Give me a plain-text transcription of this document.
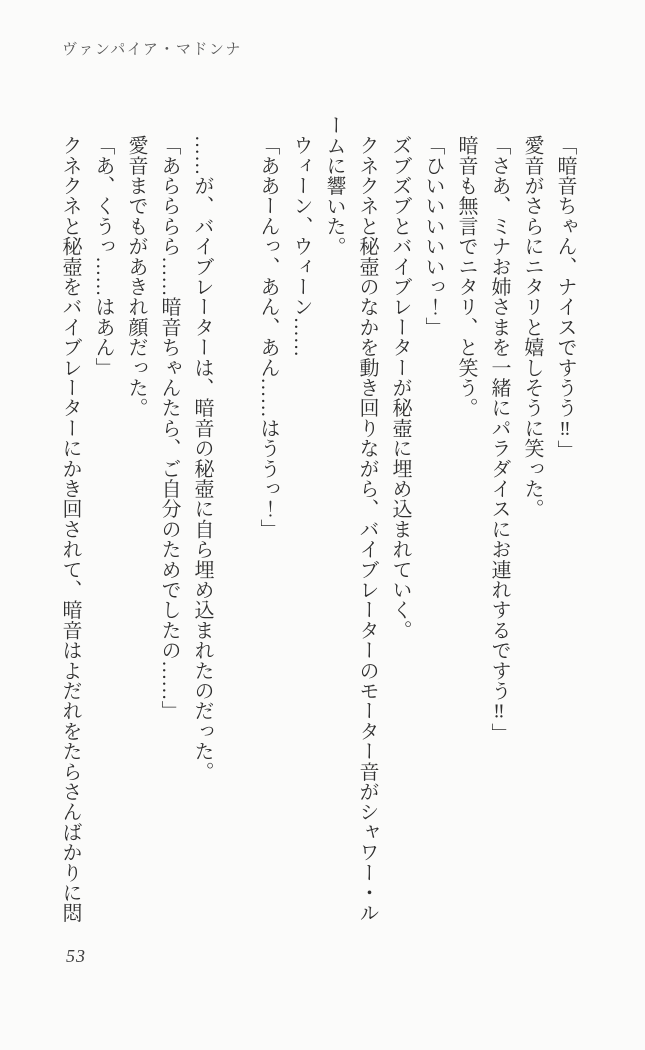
ヴァンパイア・マドンナ
「暗音ちゃん、ナイスですうう‼」
愛音がさらにニタリと嬉しそうに笑った。
「さあ、ミナお姉さまを一緒にパラダイスにお連れするですう‼」
暗音も無言でニタリ、と笑う。
「ひいいいいいっ！」
ズブズブとバイブレーターが秘壺に埋め込まれていく。
クネクネと秘壺のなかを動き回りながら、バイブレーターのモーター音がシャワー・ル
ームに響いた。
ウィーン、ウィーン……
「ああーんっ、あん、あん……はううっ！」
……が、バイブレーターは、暗音の秘壺に自ら埋め込まれたのだった。
「あらららら……暗音ちゃんたら、ご自分のためでしたの……」
愛音までもがあきれ顔だった。
「あ、くうっ……はあん」
クネクネと秘壺をバイブレーターにかき回されて、暗音はよだれをたらさんばかりに悶
53
